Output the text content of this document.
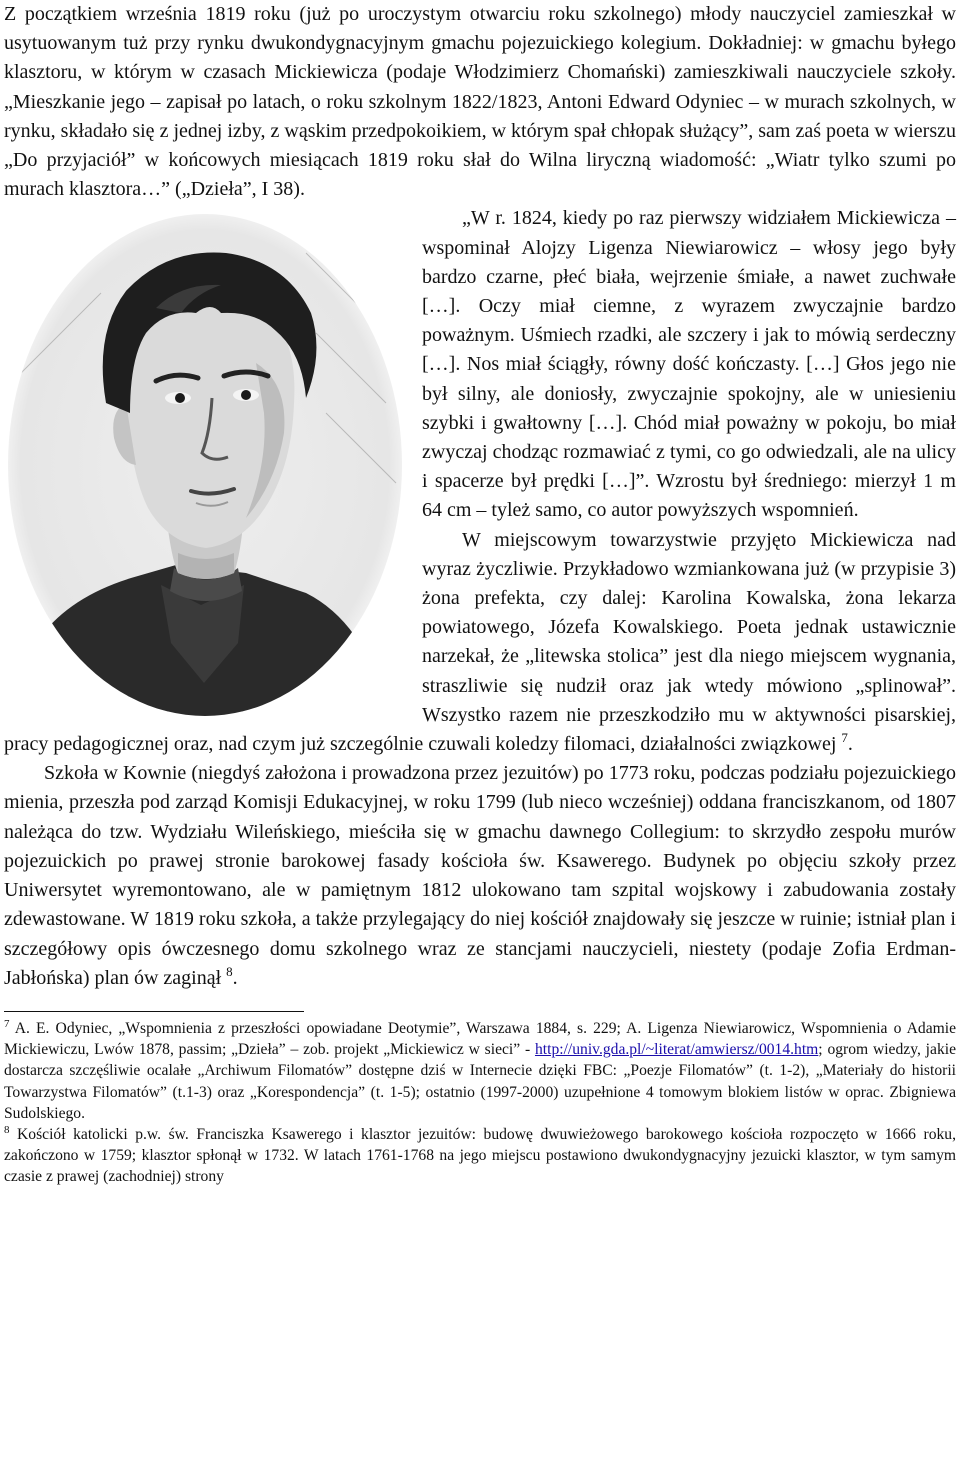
Z początkiem września 1819 roku (już po uroczystym otwarciu roku szkolnego) młody nauczyciel zamieszkał w usytuowanym tuż przy rynku dwukondygnacyjnym gmachu pojezuickiego kolegium. Dokładniej: w gmachu byłego klasztoru, w którym w czasach Mickiewicza (podaje Włodzimierz Chomański) zamieszkiwali nauczyciele szkoły. „Mieszkanie jego – zapisał po latach, o roku szkolnym 1822/1823, Antoni Edward Odyniec – w murach szkolnych, w rynku, składało się z jednej izby, z wąskim przedpokoikiem, w którym spał chłopak służący”, sam zaś poeta w wierszu „Do przyjaciół” w końcowych miesiącach 1819 roku słał do Wilna liryczną wiadomość: „Wiatr tylko szumi po murach klasztora…” („Dzieła”, I 38).

„W r. 1824, kiedy po raz pierwszy widziałem Mickiewicza – wspominał Alojzy Ligenza Niewiarowicz – włosy jego były bardzo czarne, płeć biała, wejrzenie śmiałe, a nawet zuchwałe […]. Oczy miał ciemne, z wyrazem zwyczajnie bardzo poważnym. Uśmiech rzadki, ale szczery i jak to mówią serdeczny […]. Nos miał ściągły, równy dość kończasty. […] Głos jego nie był silny, ale doniosły, zwyczajnie spokojny, ale w uniesieniu szybki i gwałtowny […]. Chód miał poważny w pokoju, bo miał zwyczaj chodząc rozmawiać z tymi, co go odwiedzali, ale na ulicy i spacerze był prędki […]”. Wzrostu był średniego: mierzył 1 m 64 cm – tyleż samo, co autor powyższych wspomnień.

W miejscowym towarzystwie przyjęto Mickiewicza nad wyraz życzliwie. Przykładowo wzmiankowana już (w przypisie 3) żona prefekta, czy dalej: Karolina Kowalska, żona lekarza powiatowego, Józefa Kowalskiego. Poeta jednak ustawicznie narzekał, że „litewska stolica” jest dla niego miejscem wygnania, straszliwie się nudził oraz jak wtedy mówiono „splinował”. Wszystko razem nie przeszkodziło mu w aktywności pisarskiej, pracy pedagogicznej oraz, nad czym już szczególnie czuwali koledzy filomaci, działalności związkowej $^7$.

Szkoła w Kownie (niegdyś założona i prowadzona przez jezuitów) po 1773 roku, podczas podziału pojezuickiego mienia, przeszła pod zarząd Komisji Edukacyjnej, w roku 1799 (lub nieco wcześniej) oddana franciszkanom, od 1807 należąca do tzw. Wydziału Wileńskiego, mieściła się w gmachu dawnego Collegium: to skrzydło zespołu murów pojezuickich po prawej stronie barokowej fasady kościoła św. Ksawerego. Budynek po objęciu szkoły przez Uniwersytet wyremontowano, ale w pamiętnym 1812 ulokowano tam szpital wojskowy i zabudowania zostały zdewastowane. W 1819 roku szkoła, a także przylegający do niej kościół znajdowały się jeszcze w ruinie; istniał plan i szczegółowy opis ówczesnego domu szkolnego wraz ze stancjami nauczycieli, niestety (podaje Zofia Erdman-Jabłońska) plan ów zaginął $^8$.

$^7$ A. E. Odyniec, „Wspomnienia z przeszłości opowiadane Deotymie”, Warszawa 1884, s. 229; A. Ligenza Niewiarowicz, Wspomnienia o Adamie Mickiewiczu, Lwów 1878, passim; „Dzieła” – zob. projekt „Mickiewicz w sieci” - http://univ.gda.pl/~literat/amwiersz/0014.htm; ogrom wiedzy, jakie dostarcza szczęśliwie ocalałe „Archiwum Filomatów” dostępne dziś w Internecie dzięki FBC: „Poezje Filomatów” (t. 1-2), „Materiały do historii Towarzystwa Filomatów” (t.1-3) oraz „Korespondencja” (t. 1-5); ostatnio (1997-2000) uzupełnione 4 tomowym blokiem listów w oprac. Zbigniewa Sudolskiego.

$^8$ Kościół katolicki p.w. św. Franciszka Ksawerego i klasztor jezuitów: budowę dwuwieżowego barokowego kościoła rozpoczęto w 1666 roku, zakończono w 1759; klasztor spłonął w 1732. W latach 1761-1768 na jego miejscu postawiono dwukondygnacyjny jezuicki klasztor, w tym samym czasie z prawej (zachodniej) strony
